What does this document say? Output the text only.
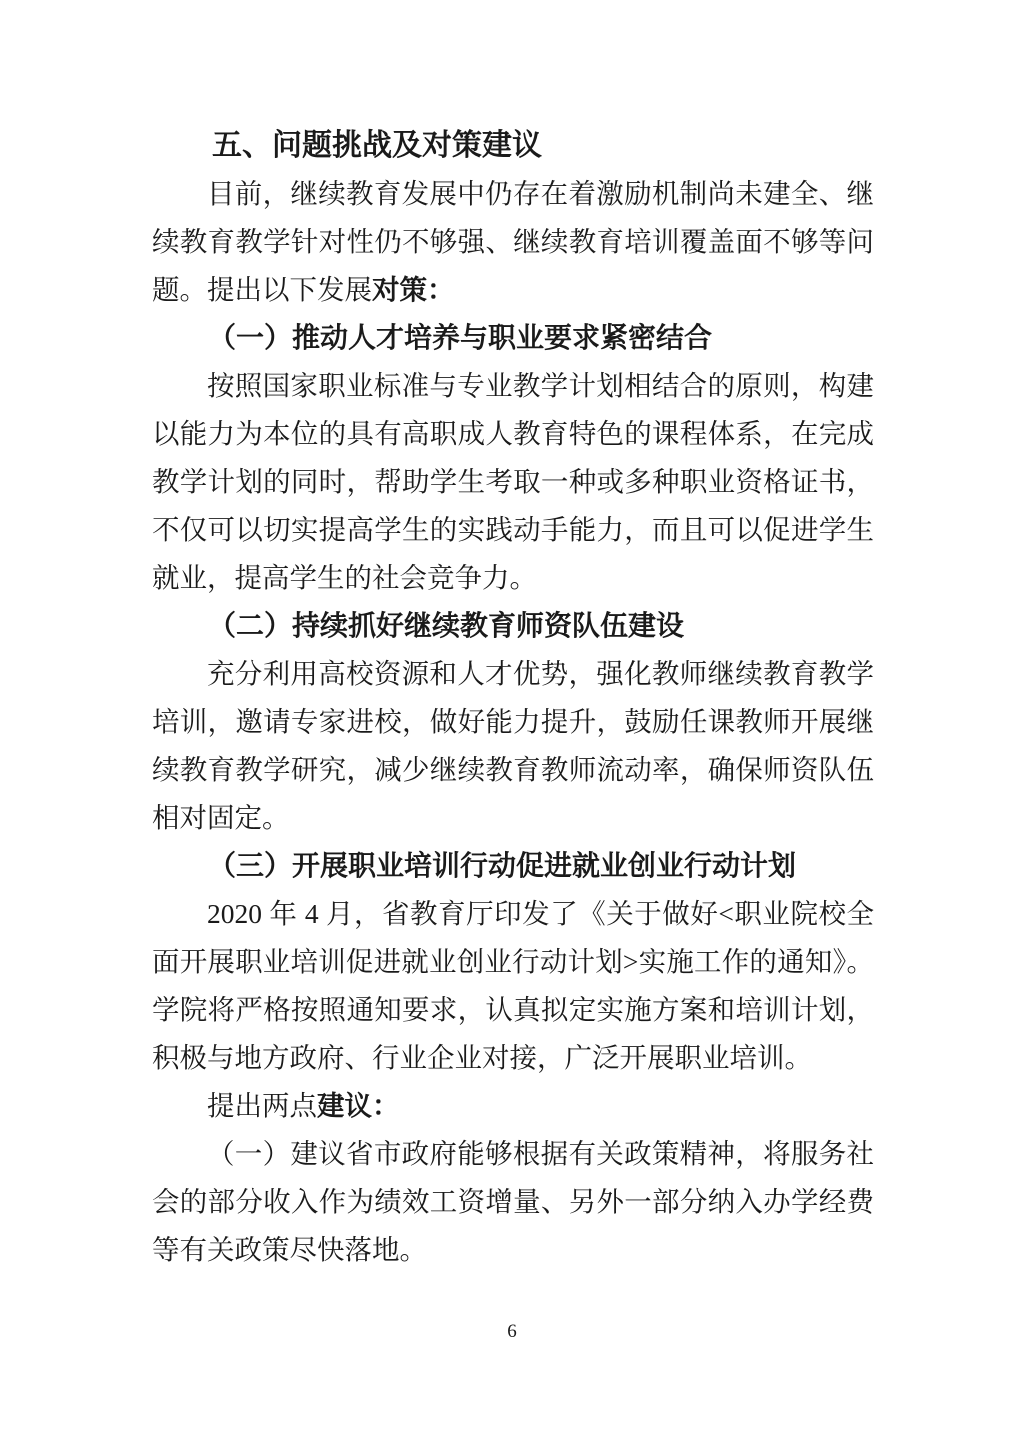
五、问题挑战及对策建议

目前，继续教育发展中仍存在着激励机制尚未建全、继续教育教学针对性仍不够强、继续教育培训覆盖面不够等问题。提出以下发展对策：

（一）推动人才培养与职业要求紧密结合

按照国家职业标准与专业教学计划相结合的原则，构建以能力为本位的具有高职成人教育特色的课程体系，在完成教学计划的同时，帮助学生考取一种或多种职业资格证书，不仅可以切实提高学生的实践动手能力，而且可以促进学生就业，提高学生的社会竞争力。

（二）持续抓好继续教育师资队伍建设

充分利用高校资源和人才优势，强化教师继续教育教学培训，邀请专家进校，做好能力提升，鼓励任课教师开展继续教育教学研究，减少继续教育教师流动率，确保师资队伍相对固定。

（三）开展职业培训行动促进就业创业行动计划

2020 年 4 月，省教育厅印发了《关于做好<职业院校全面开展职业培训促进就业创业行动计划>实施工作的通知》。学院将严格按照通知要求，认真拟定实施方案和培训计划，积极与地方政府、行业企业对接，广泛开展职业培训。

提出两点建议：

（一）建议省市政府能够根据有关政策精神，将服务社会的部分收入作为绩效工资增量、另外一部分纳入办学经费等有关政策尽快落地。

6
